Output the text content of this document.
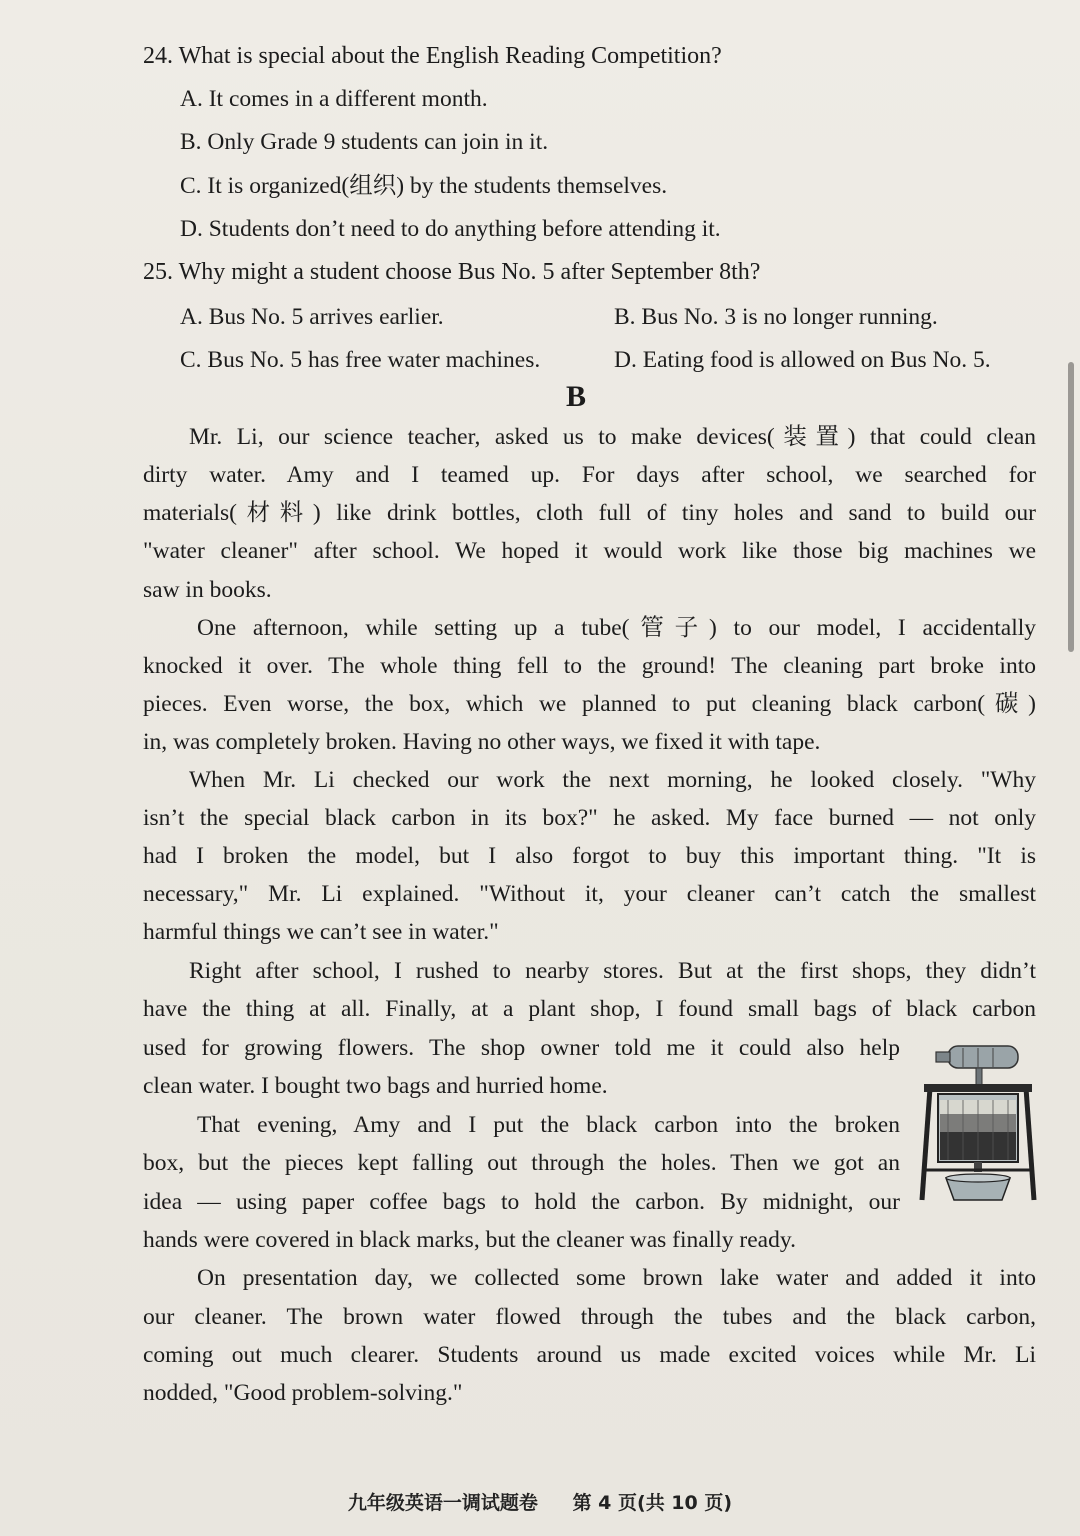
24. What is special about the English Reading Competition?
A. It comes in a different month.
B. Only Grade 9 students can join in it.
C. It is organized(组织) by the students themselves.
D. Students don’t need to do anything before attending it.
25. Why might a student choose Bus No. 5 after September 8th?
A. Bus No. 5 arrives earlier.	B. Bus No. 3 is no longer running.
C. Bus No. 5 has free water machines.	D. Eating food is allowed on Bus No. 5.
B
Mr. Li, our science teacher, asked us to make devices(装置) that could clean
dirty water. Amy and I teamed up. For days after school, we searched for
materials(材料) like drink bottles, cloth full of tiny holes and sand to build our
"water cleaner" after school. We hoped it would work like those big machines we
saw in books.
One afternoon, while setting up a tube(管子) to our model, I accidentally
knocked it over. The whole thing fell to the ground! The cleaning part broke into
pieces. Even worse, the box, which we planned to put cleaning black carbon(碳)
in, was completely broken. Having no other ways, we fixed it with tape.
When Mr. Li checked our work the next morning, he looked closely. "Why
isn’t the special black carbon in its box?" he asked. My face burned — not only
had I broken the model, but I also forgot to buy this important thing. "It is
necessary," Mr. Li explained. "Without it, your cleaner can’t catch the smallest
harmful things we can’t see in water."
Right after school, I rushed to nearby stores. But at the first shops, they didn’t
have the thing at all. Finally, at a plant shop, I found small bags of black carbon
used for growing flowers. The shop owner told me it could also help
clean water. I bought two bags and hurried home.
That evening, Amy and I put the black carbon into the broken
box, but the pieces kept falling out through the holes. Then we got an
idea — using paper coffee bags to hold the carbon. By midnight, our
hands were covered in black marks, but the cleaner was finally ready.
On presentation day, we collected some brown lake water and added it into
our cleaner. The brown water flowed through the tubes and the black carbon,
coming out much clearer. Students around us made excited voices while Mr. Li
nodded, "Good problem-solving."
九年级英语一调试题卷 第 4 页(共 10 页)
